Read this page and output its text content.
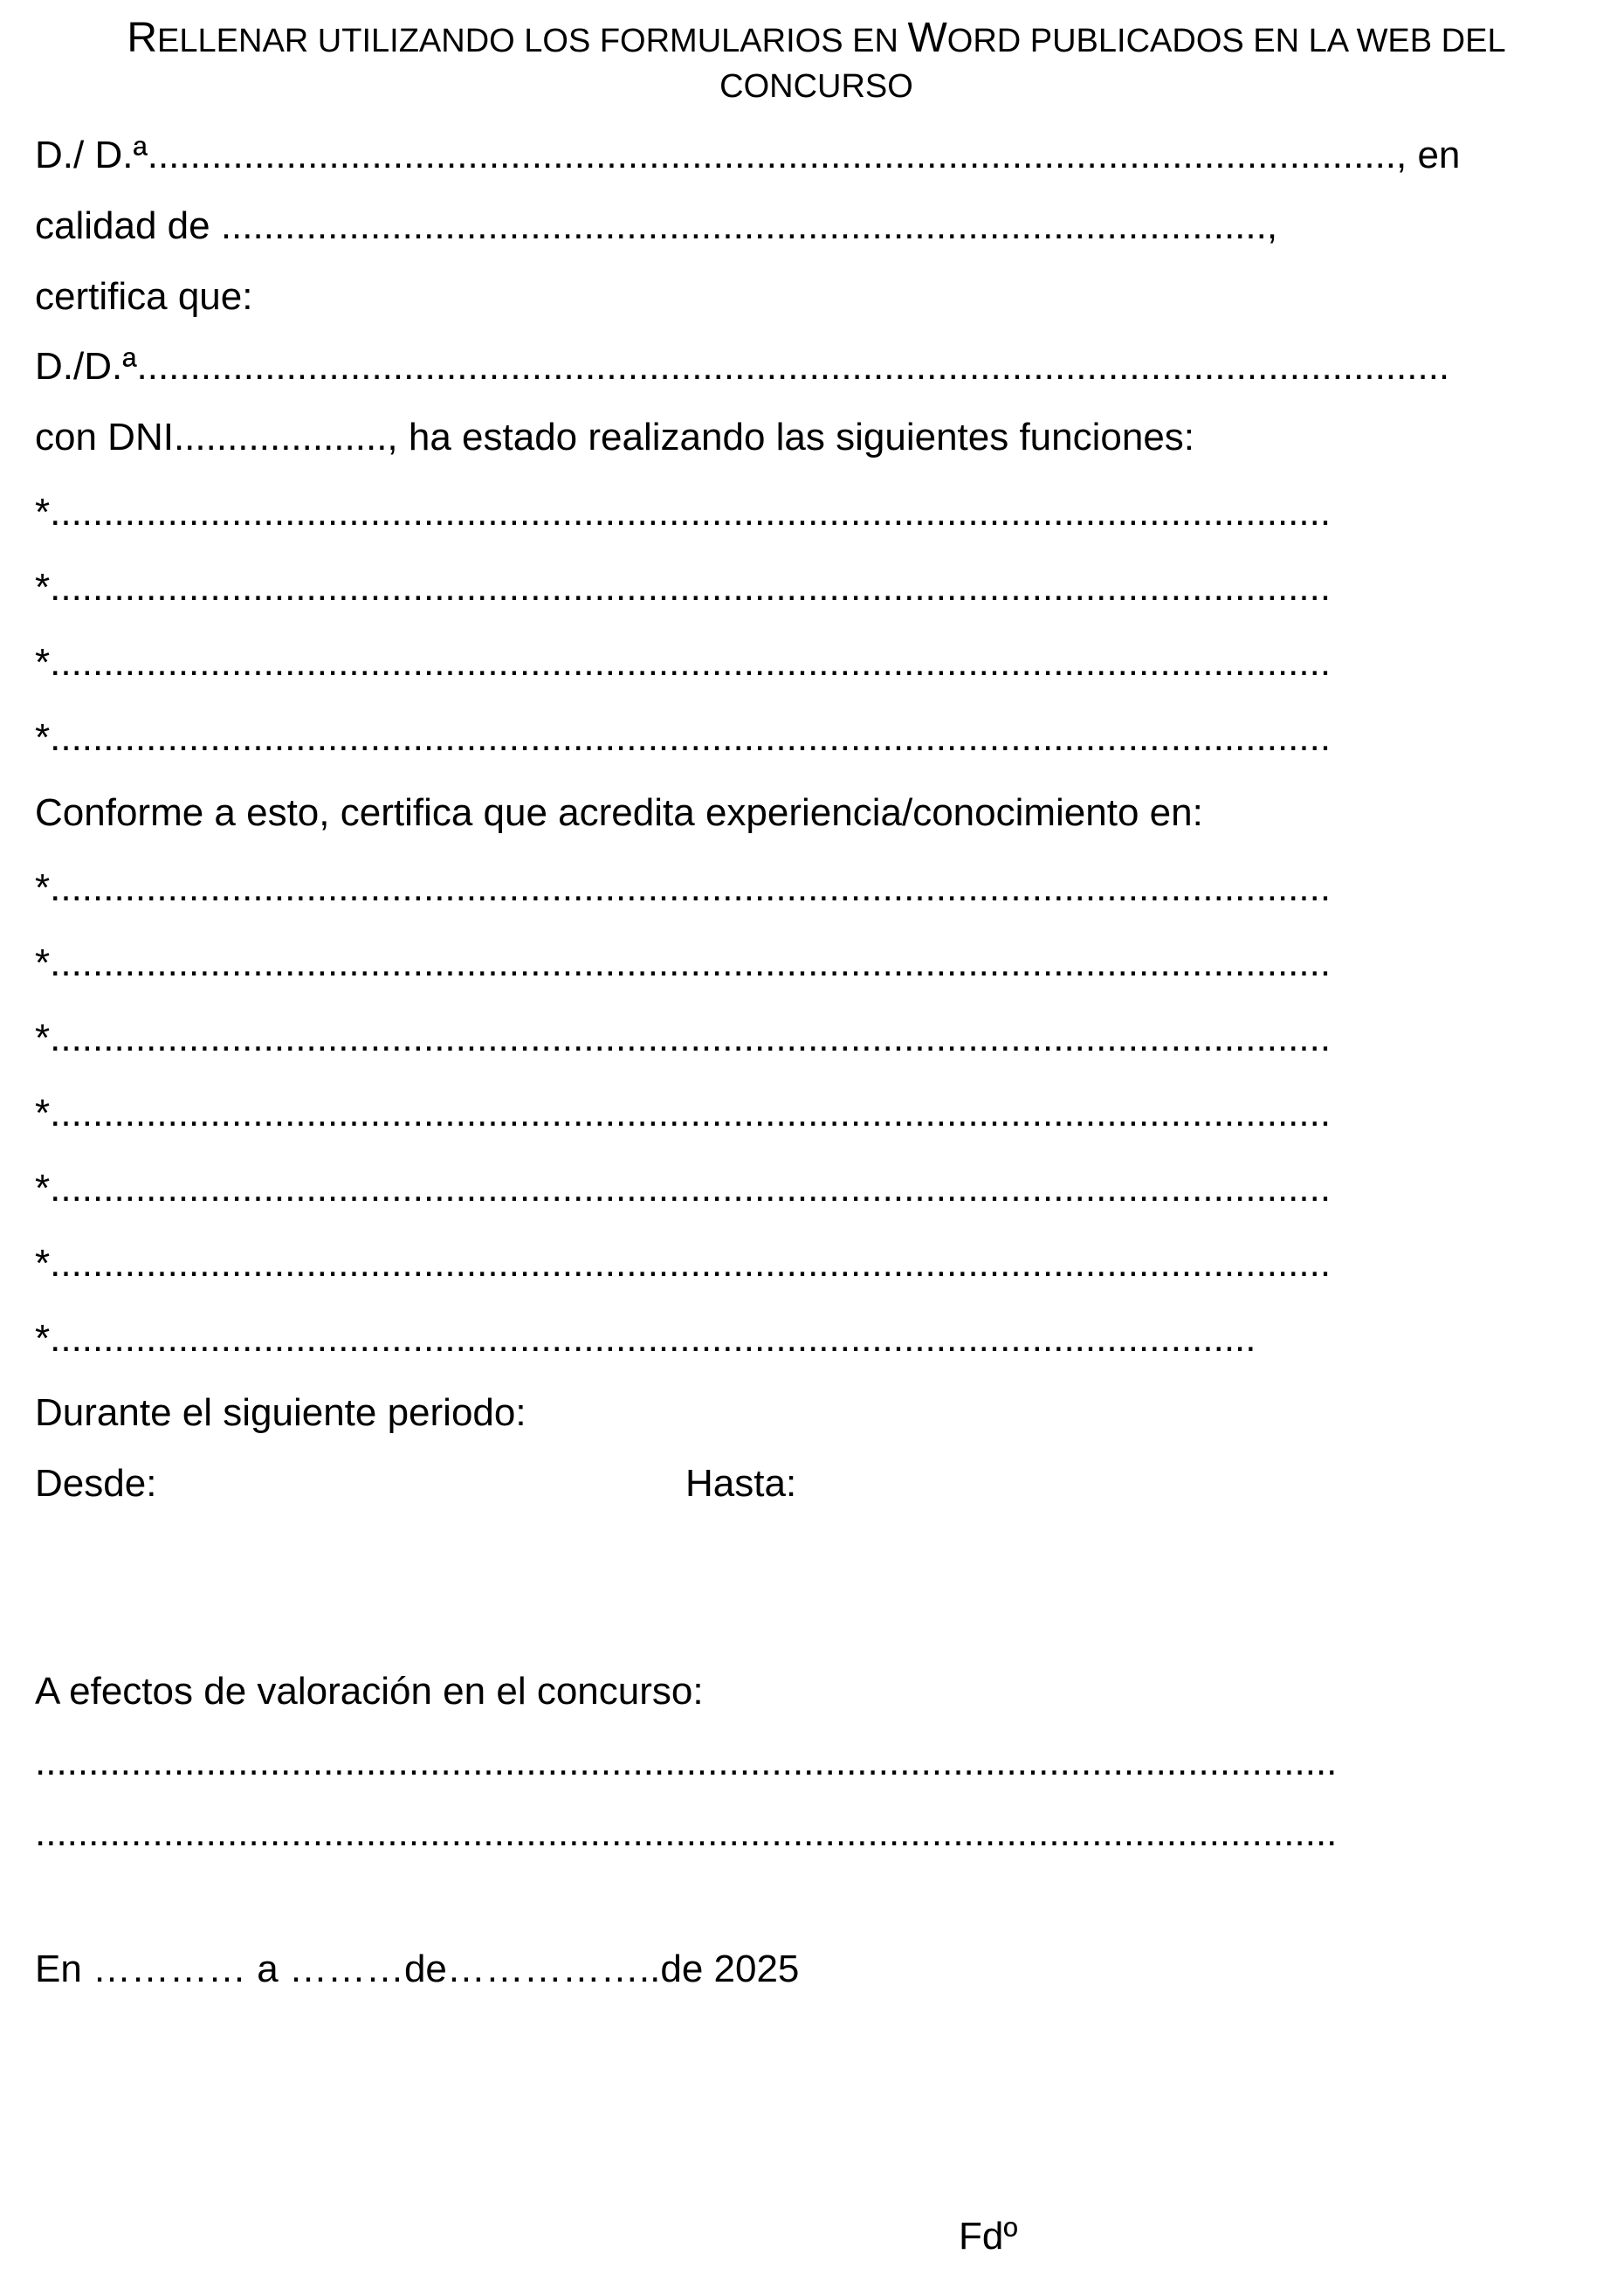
RELLENAR UTILIZANDO LOS FORMULARIOS EN WORD PUBLICADOS EN LA WEB DEL
CONCURSO
D./ D.ª....................................................................................................................., en
calidad de ..................................................................................................,
certifica que:
D./D.ª...........................................................................................................................
con DNI...................., ha estado realizando las siguientes funciones:
*........................................................................................................................
*........................................................................................................................
*........................................................................................................................
*........................................................................................................................
Conforme a esto, certifica que acredita experiencia/conocimiento en:
*........................................................................................................................
*........................................................................................................................
*........................................................................................................................
*........................................................................................................................
*........................................................................................................................
*........................................................................................................................
*.................................................................................................................
Durante el siguiente periodo:
Desde:	Hasta:
A efectos de valoración en el concurso:
..........................................................................................................................
..........................................................................................................................
En ………… a ………de……………..de 2025
Fdº
